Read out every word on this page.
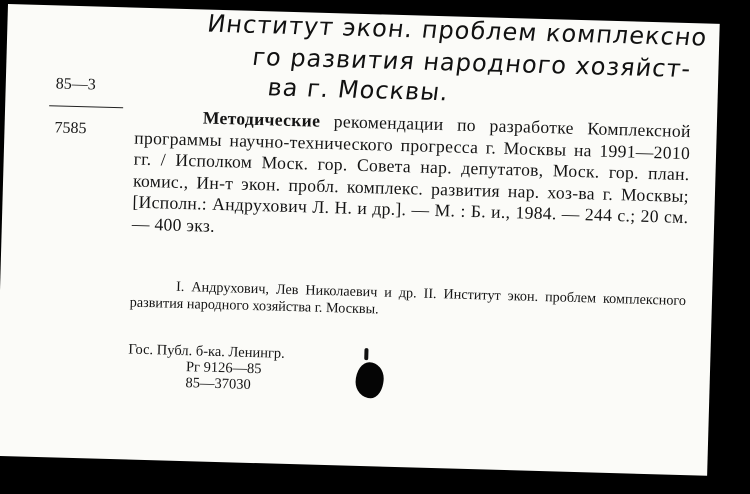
Институт экон. проблем комплексно
го развития народного хозяйст-
ва г. Москвы.
85—3
7585	Методические рекомендации по разработке Комплексной программы научно-технического прогресса г. Москвы на 1991—2010 гг. / Исполком Моск. гор. Совета нар. депутатов, Моск. гор. план. комис., Ин-т экон. пробл. комплекс. развития нар. хоз-ва г. Москвы; [Исполн.: Андрухович Л. Н. и др.]. — М. : Б. и., 1984. — 244 с.; 20 см. — 400 экз.
I. Андрухович, Лев Николаевич и др. II. Институт экон. проблем комплексного развития народного хозяйства г. Москвы.
Гос. Публ. б-ка. Ленингр.
Рг 9126—85
85—37030
